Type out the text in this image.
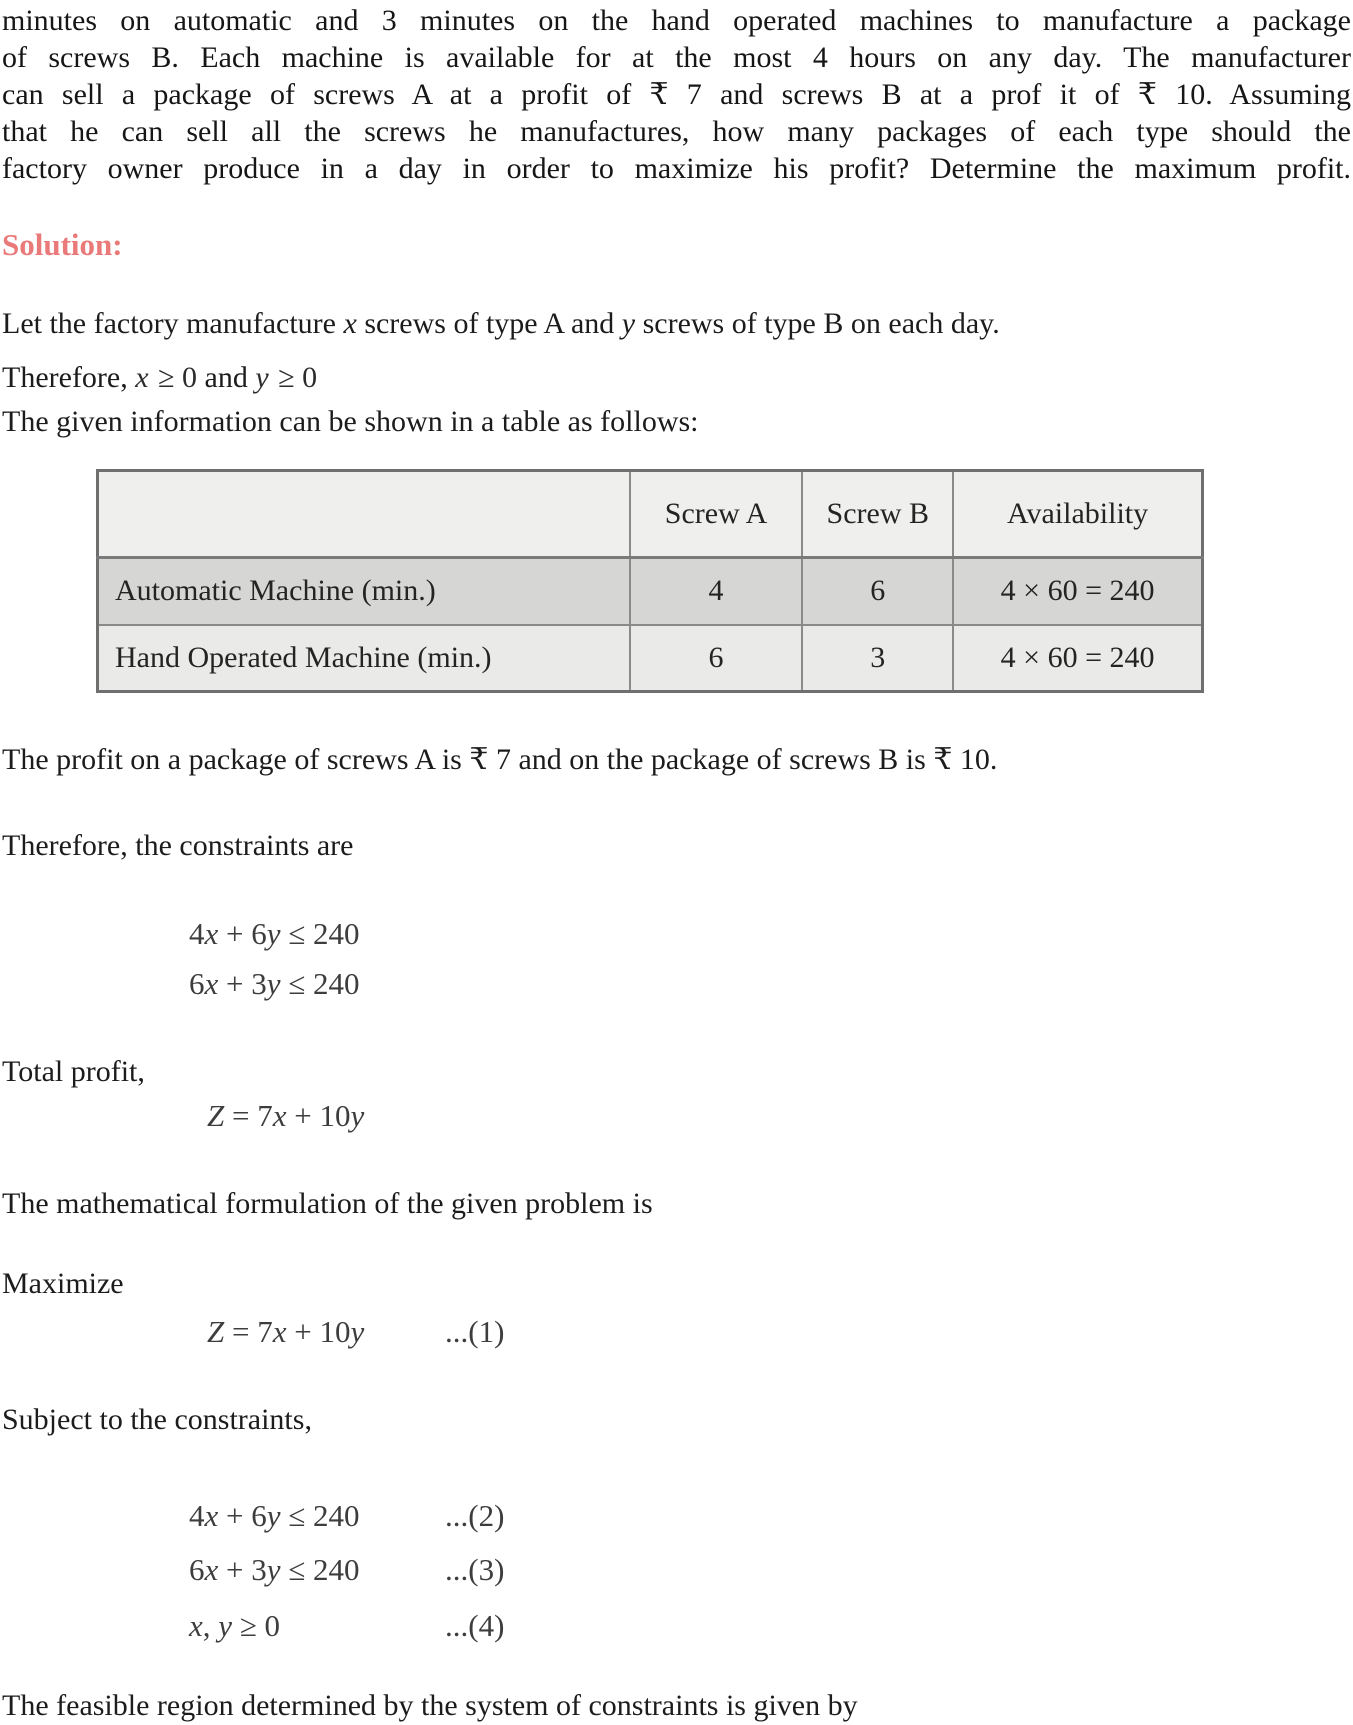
minutes on automatic and 3 minutes on the hand operated machines to manufacture a package
of screws B. Each machine is available for at the most 4 hours on any day. The manufacturer
can sell a package of screws A at a profit of ₹ 7 and screws B at a prof it of ₹ 10. Assuming
that he can sell all the screws he manufactures, how many packages of each type should the
factory owner produce in a day in order to maximize his profit? Determine the maximum profit.
Solution:
Let the factory manufacture x screws of type A and y screws of type B on each day.
Therefore, x ≥ 0 and y ≥ 0
The given information can be shown in a table as follows:
	Screw A	Screw B	Availability
Automatic Machine (min.)	4	6	4 × 60 = 240
Hand Operated Machine (min.)	6	3	4 × 60 = 240
The profit on a package of screws A is ₹ 7 and on the package of screws B is ₹ 10.
Therefore, the constraints are
4x + 6y ≤ 240
6x + 3y ≤ 240
Total profit,
Z = 7x + 10y
The mathematical formulation of the given problem is
Maximize
Z = 7x + 10y	...(1)
Subject to the constraints,
4x + 6y ≤ 240	...(2)
6x + 3y ≤ 240	...(3)
x, y ≥ 0	...(4)
The feasible region determined by the system of constraints is given by
